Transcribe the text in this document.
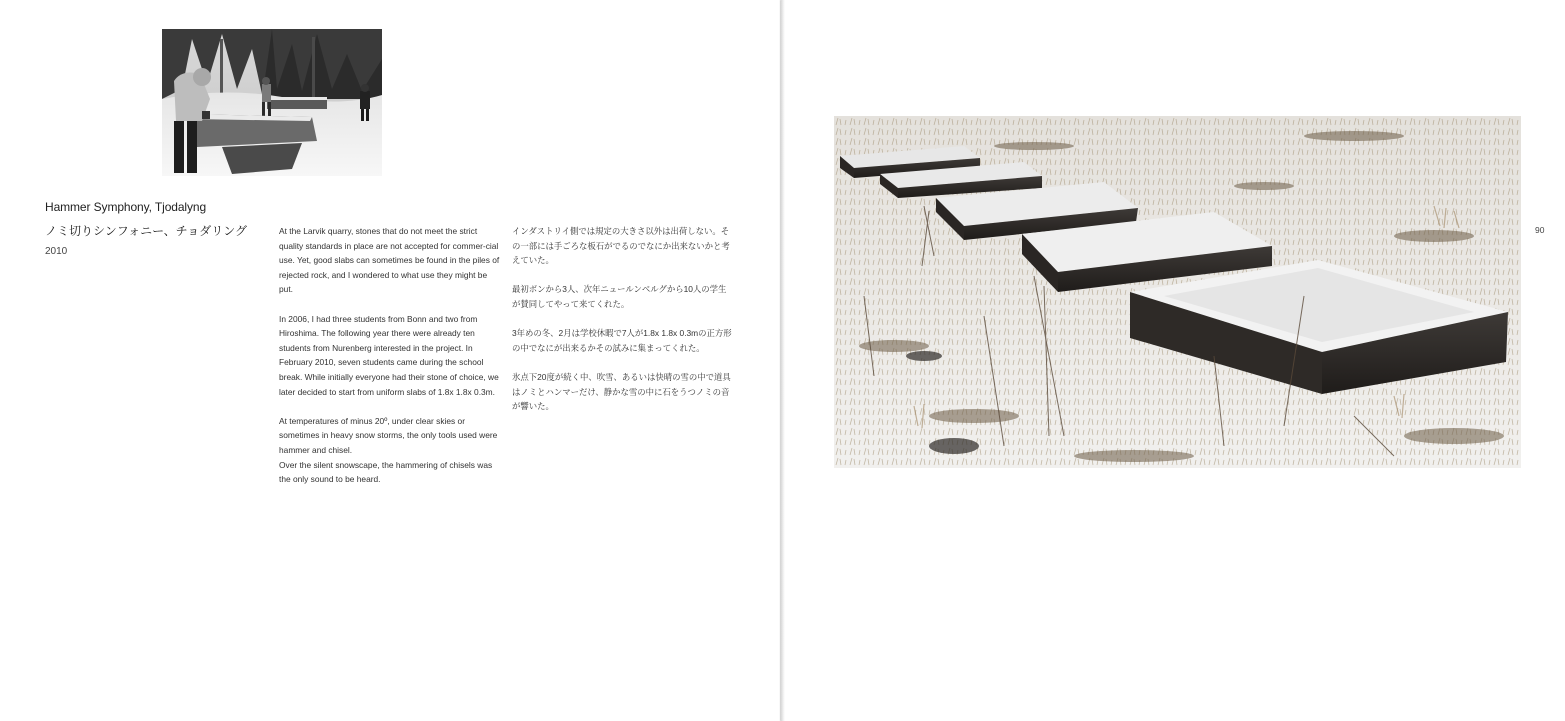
Hammer Symphony, Tjodalyng
ノミ切りシンフォニー、チョダリング
2010

At the Larvik quarry, stones that do not meet the strict quality standards in place are not accepted for commer-cial use. Yet, good slabs can sometimes be found in the piles of rejected rock, and I wondered to what use they might be put.

In 2006, I had three students from Bonn and two from Hiroshima. The following year there were already ten students from Nurenberg interested in the project. In February 2010, seven students came during the school break. While initially everyone had their stone of choice, we later decided to start from uniform slabs of 1.8x 1.8x 0.3m.

At temperatures of minus 20º, under clear skies or sometimes in heavy snow storms, the only tools used were hammer and chisel.

Over the silent snowscape, the hammering of chisels was the only sound to be heard.

インダストリイ側では規定の大きさ以外は出荷しない。その一部には手ごろな板石がでるのでなにか出来ないかと考えていた。

最初ボンから3人、次年ニュールンベルグから10人の学生が賛同してやって来てくれた。

3年めの冬、2月は学校休暇で7人が1.8x 1.8x 0.3mの正方形の中でなにが出来るかその試みに集まってくれた。

氷点下20度が続く中、吹雪、あるいは快晴の雪の中で道具はノミとハンマーだけ、静かな雪の中に石をうつノミの音が響いた。

90
